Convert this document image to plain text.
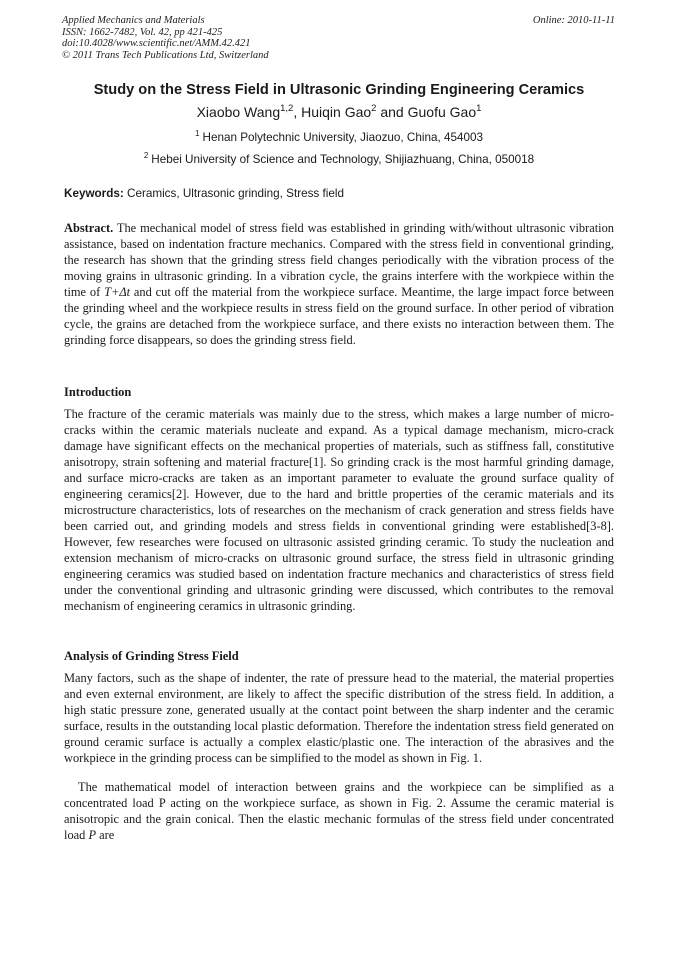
Applied Mechanics and Materials
ISSN: 1662-7482, Vol. 42, pp 421-425
doi:10.4028/www.scientific.net/AMM.42.421
© 2011 Trans Tech Publications Ltd, Switzerland
Online: 2010-11-11
Study on the Stress Field in Ultrasonic Grinding Engineering Ceramics
Xiaobo Wang$^{1,2}$, Huiqin Gao$^2$ and Guofu Gao$^1$
$^1$ Henan Polytechnic University, Jiaozuo, China, 454003
$^2$ Hebei University of Science and Technology, Shijiazhuang, China, 050018
Keywords: Ceramics, Ultrasonic grinding, Stress field
Abstract. The mechanical model of stress field was established in grinding with/without ultrasonic vibration assistance, based on indentation fracture mechanics. Compared with the stress field in conventional grinding, the research has shown that the grinding stress field changes periodically with the vibration process of the moving grains in ultrasonic grinding. In a vibration cycle, the grains interfere with the workpiece within the time of T+Δt and cut off the material from the workpiece surface. Meantime, the large impact force between the grinding wheel and the workpiece results in stress field on the ground surface. In other period of vibration cycle, the grains are detached from the workpiece surface, and there exists no interaction between them. The grinding force disappears, so does the grinding stress field.
Introduction
The fracture of the ceramic materials was mainly due to the stress, which makes a large number of micro-cracks within the ceramic materials nucleate and expand. As a typical damage mechanism, micro-crack damage have significant effects on the mechanical properties of materials, such as stiffness fall, constitutive anisotropy, strain softening and material fracture[1]. So grinding crack is the most harmful grinding damage, and surface micro-cracks are taken as an important parameter to evaluate the ground surface quality of engineering ceramics[2]. However, due to the hard and brittle properties of the ceramic materials and its microstructure characteristics, lots of researches on the mechanism of crack generation and stress fields have been carried out, and grinding models and stress fields in conventional grinding were established[3-8]. However, few researches were focused on ultrasonic assisted grinding ceramic. To study the nucleation and extension mechanism of micro-cracks on ultrasonic ground surface, the stress field in ultrasonic grinding engineering ceramics was studied based on indentation fracture mechanics and characteristics of stress field under the conventional grinding and ultrasonic grinding were discussed, which contributes to the removal mechanism of engineering ceramics in ultrasonic grinding.
Analysis of Grinding Stress Field
Many factors, such as the shape of indenter, the rate of pressure head to the material, the material properties and even external environment, are likely to affect the specific distribution of the stress field. In addition, a high static pressure zone, generated usually at the contact point between the sharp indenter and the ceramic surface, results in the outstanding local plastic deformation. Therefore the indentation stress field generated on ground ceramic surface is actually a complex elastic/plastic one. The interaction of the abrasives and the workpiece in the grinding process can be simplified to the model as shown in Fig. 1.
The mathematical model of interaction between grains and the workpiece can be simplified as a concentrated load P acting on the workpiece surface, as shown in Fig. 2. Assume the ceramic material is anisotropic and the grain conical. Then the elastic mechanic formulas of the stress field under concentrated load P are
